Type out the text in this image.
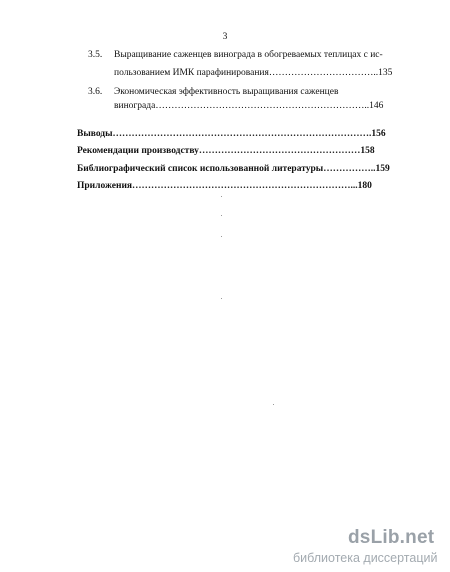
3
3.5. Выращивание саженцев винограда в обогреваемых теплицах с ис-
пользованием ИМК парафинирования……………………………..135
3.6. Экономическая эффективность выращивания саженцев
винограда…………………………………………………………..146
Выводы……………………………………………………………………….156
Рекомендации производству……………………………………………158
Библиографический список использованной литературы……………..159
Приложения……………………………………………………………...180
dsLib.net
библиотека диссертаций
